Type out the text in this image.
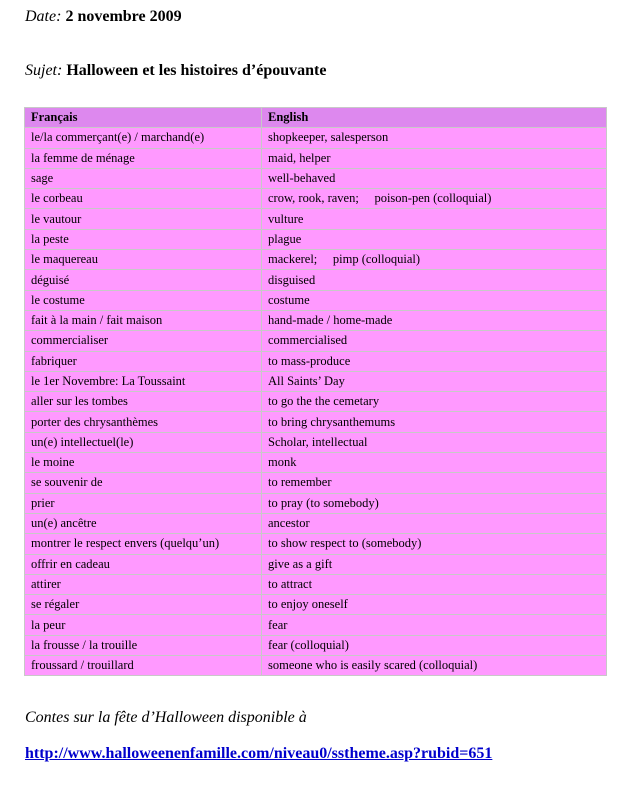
Date: 2 novembre 2009
Sujet: Halloween et les histoires d’épouvante
Français	English
le/la commerçant(e) / marchand(e)	shopkeeper, salesperson
la femme de ménage	maid, helper
sage	well-behaved
le corbeau	crow, rook, raven;     poison-pen (colloquial)
le vautour	vulture
la peste	plague
le maquereau	mackerel;     pimp (colloquial)
déguisé	disguised
le costume	costume
fait à la main / fait maison	hand-made / home-made
commercialiser	commercialised
fabriquer	to mass-produce
le 1er Novembre: La Toussaint	All Saints’ Day
aller sur les tombes	to go the the cemetary
porter des chrysanthèmes	to bring chrysanthemums
un(e) intellectuel(le)	Scholar, intellectual
le moine	monk
se souvenir de	to remember
prier	to pray (to somebody)
un(e) ancêtre	ancestor
montrer le respect envers (quelqu’un)	to show respect to (somebody)
offrir en cadeau	give as a gift
attirer	to attract
se régaler	to enjoy oneself
la peur	fear
la frousse / la trouille	fear (colloquial)
froussard / trouillard	someone who is easily scared (colloquial)
Contes sur la fête d’Halloween disponible à
http://www.halloweenenfamille.com/niveau0/sstheme.asp?rubid=651
